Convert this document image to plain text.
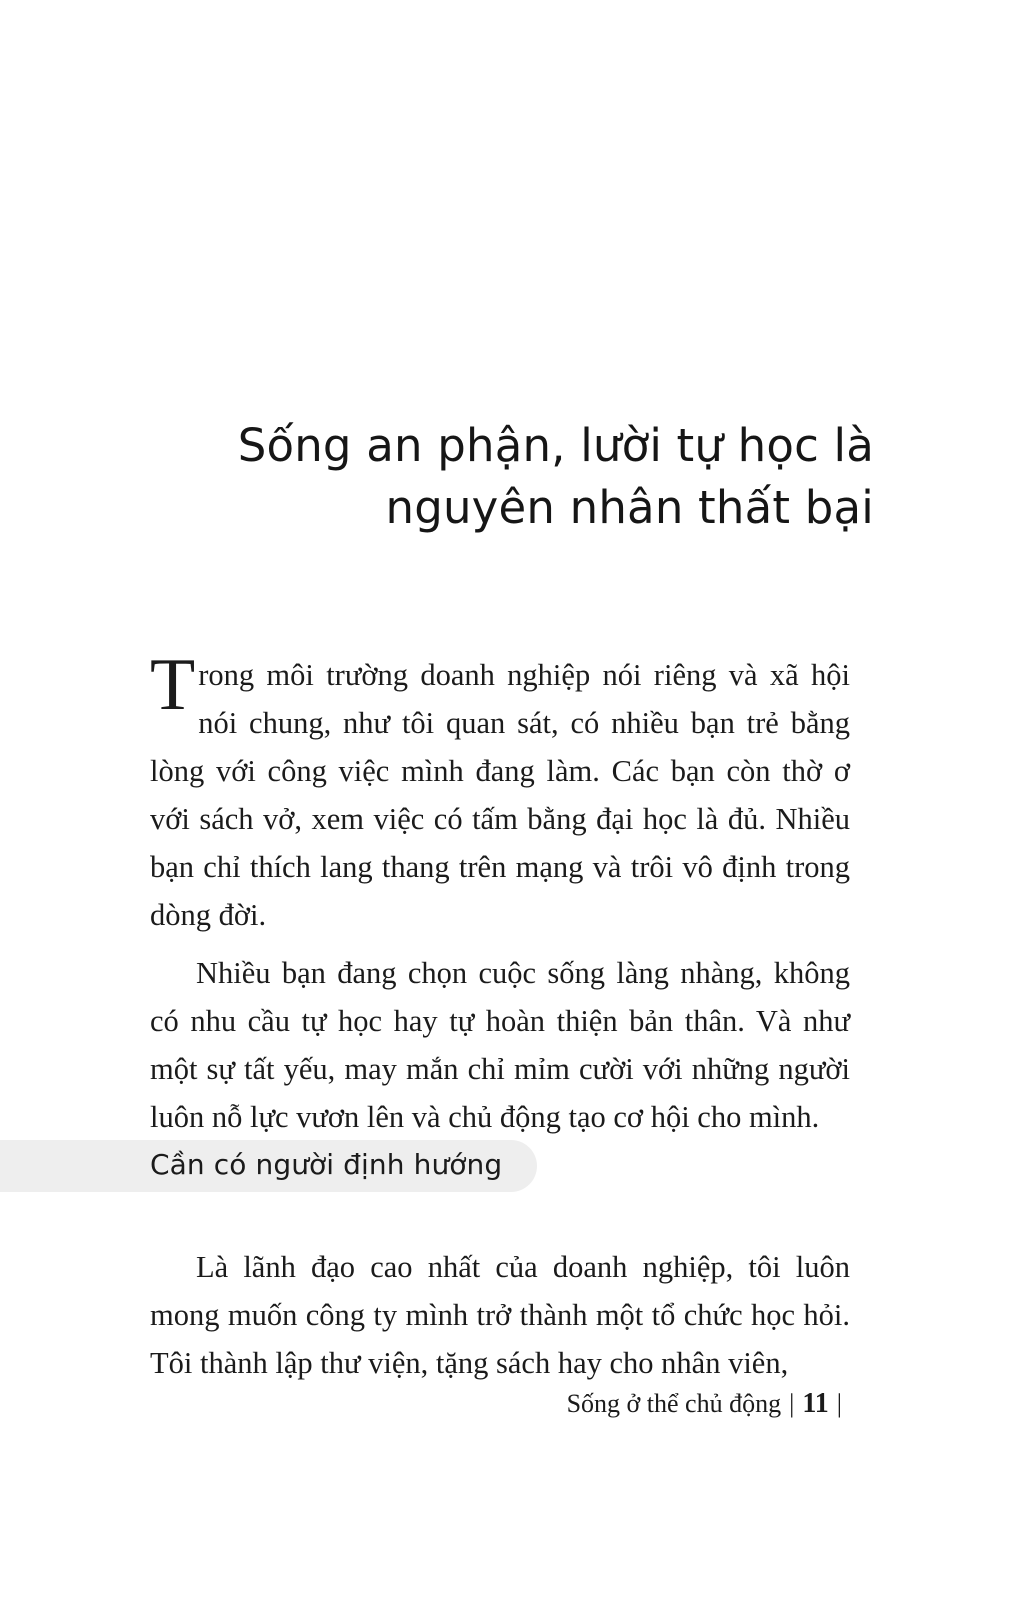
Sống an phận, lười tự học là
nguyên nhân thất bại

Trong môi trường doanh nghiệp nói riêng và xã hội nói chung, như tôi quan sát, có nhiều bạn trẻ bằng lòng với công việc mình đang làm. Các bạn còn thờ ơ với sách vở, xem việc có tấm bằng đại học là đủ. Nhiều bạn chỉ thích lang thang trên mạng và trôi vô định trong dòng đời.

Nhiều bạn đang chọn cuộc sống làng nhàng, không có nhu cầu tự học hay tự hoàn thiện bản thân. Và như một sự tất yếu, may mắn chỉ mỉm cười với những người luôn nỗ lực vươn lên và chủ động tạo cơ hội cho mình.

Cần có người định hướng

Là lãnh đạo cao nhất của doanh nghiệp, tôi luôn mong muốn công ty mình trở thành một tổ chức học hỏi. Tôi thành lập thư viện, tặng sách hay cho nhân viên,

Sống ở thể chủ động | 11 |
